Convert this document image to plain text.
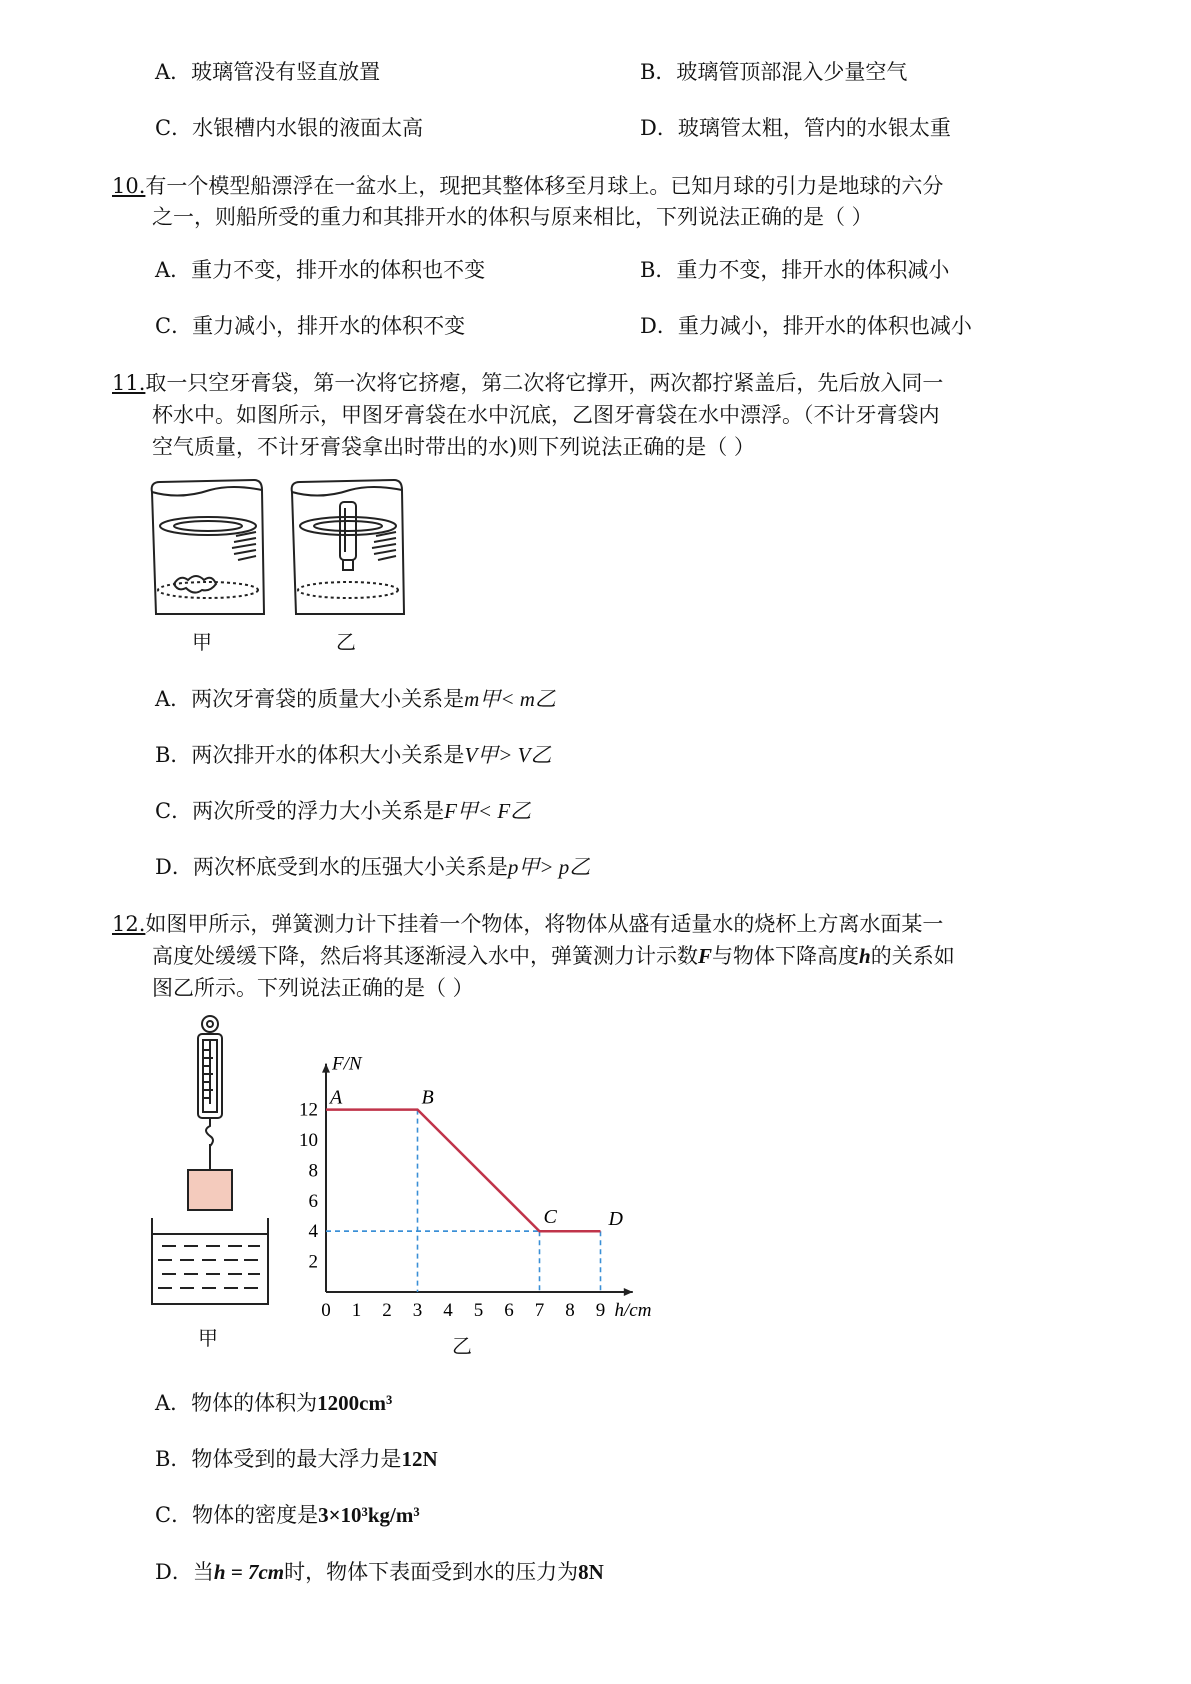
A．玻璃管没有竖直放置	B．玻璃管顶部混入少量空气
C．水银槽内水银的液面太高	D．玻璃管太粗，管内的水银太重
10.有一个模型船漂浮在一盆水上，现把其整体移至月球上。已知月球的引力是地球的六分
之一，则船所受的重力和其排开水的体积与原来相比，下列说法正确的是（ ）
A．重力不变，排开水的体积也不变	B．重力不变，排开水的体积减小
C．重力减小，排开水的体积不变	D．重力减小，排开水的体积也减小
11.取一只空牙膏袋，第一次将它挤瘪，第二次将它撑开，两次都拧紧盖后，先后放入同一
杯水中。如图所示，甲图牙膏袋在水中沉底，乙图牙膏袋在水中漂浮。（不计牙膏袋内
空气质量，不计牙膏袋拿出时带出的水)则下列说法正确的是（ ）
甲	乙
A．两次牙膏袋的质量大小关系是m甲< m乙
B．两次排开水的体积大小关系是V甲> V乙
C．两次所受的浮力大小关系是F甲< F乙
D．两次杯底受到水的压强大小关系是p甲> p乙
12.如图甲所示，弹簧测力计下挂着一个物体，将物体从盛有适量水的烧杯上方离水面某一
高度处缓缓下降，然后将其逐渐浸入水中，弹簧测力计示数F与物体下降高度h的关系如
图乙所示。下列说法正确的是（ ）
甲
0 1 2 3 4 5 6 7 8 9
2
4
6
8
10
12
F/N
h/cm
A	B
C	D
乙
A．物体的体积为1200cm³
B．物体受到的最大浮力是12N
C．物体的密度是3×10³kg/m³
D．当h = 7cm时，物体下表面受到水的压力为8N
